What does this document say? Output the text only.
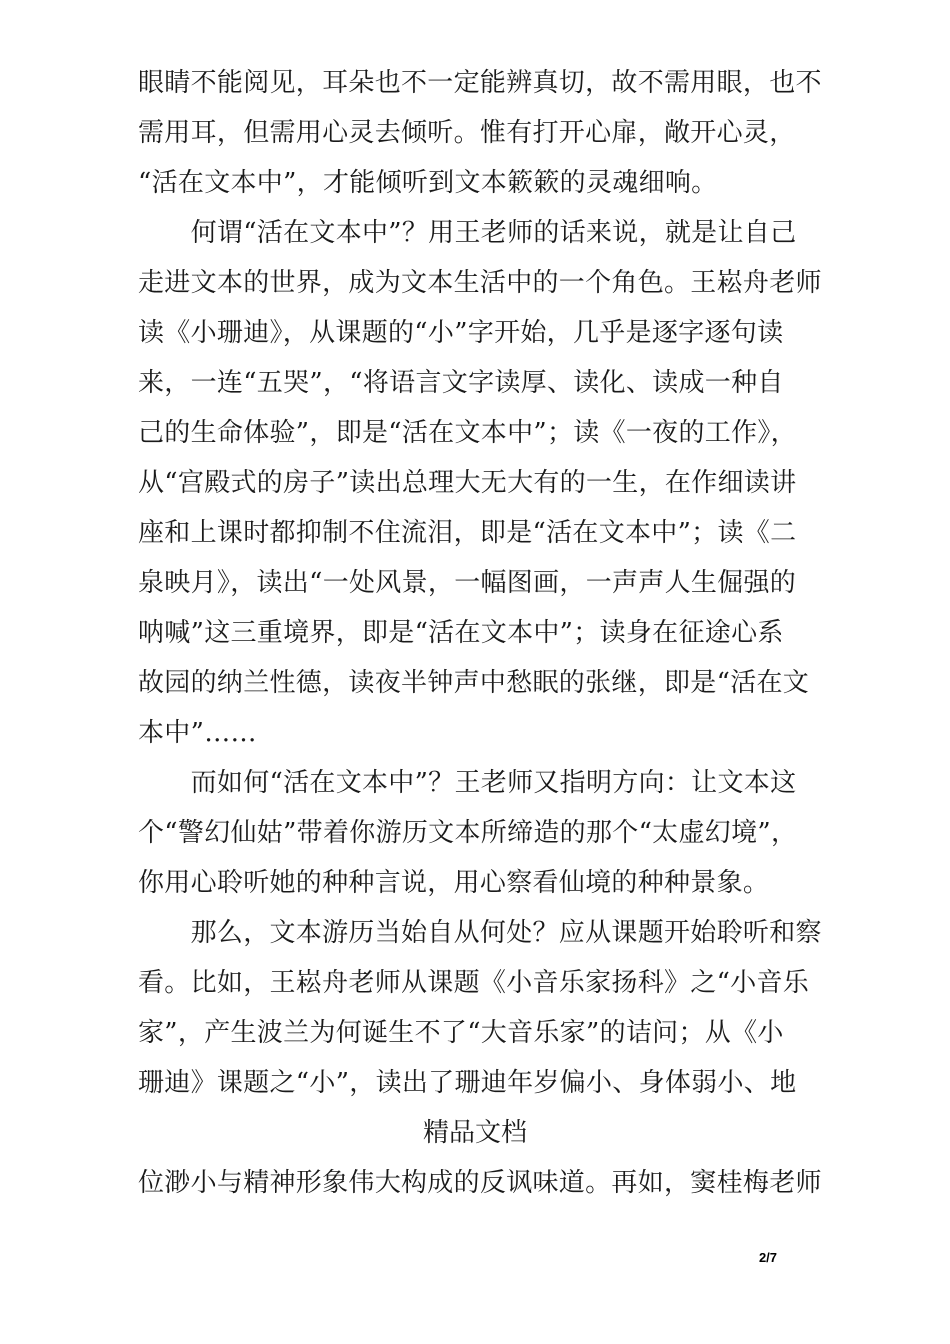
眼睛不能阅见，耳朵也不一定能辨真切，故不需用眼，也不
需用耳，但需用心灵去倾听。惟有打开心扉，敞开心灵，
“活在文本中”，才能倾听到文本簌簌的灵魂细响。
　　何谓“活在文本中”？用王老师的话来说，就是让自己
走进文本的世界，成为文本生活中的一个角色。王崧舟老师
读《小珊迪》，从课题的“小”字开始，几乎是逐字逐句读
来，一连“五哭”，“将语言文字读厚、读化、读成一种自
己的生命体验”，即是“活在文本中”；读《一夜的工作》，
从“宫殿式的房子”读出总理大无大有的一生，在作细读讲
座和上课时都抑制不住流泪，即是“活在文本中”；读《二
泉映月》，读出“一处风景，一幅图画，一声声人生倔强的
呐喊”这三重境界，即是“活在文本中”；读身在征途心系
故园的纳兰性德，读夜半钟声中愁眠的张继，即是“活在文
本中”……
　　而如何“活在文本中”？王老师又指明方向：让文本这
个“警幻仙姑”带着你游历文本所缔造的那个“太虚幻境”，
你用心聆听她的种种言说，用心察看仙境的种种景象。
　　那么，文本游历当始自从何处？应从课题开始聆听和察
看。比如，王崧舟老师从课题《小音乐家扬科》之“小音乐
家”，产生波兰为何诞生不了“大音乐家”的诘问；从《小
珊迪》课题之“小”，读出了珊迪年岁偏小、身体弱小、地
精品文档
位渺小与精神形象伟大构成的反讽味道。再如，窦桂梅老师
2/7
